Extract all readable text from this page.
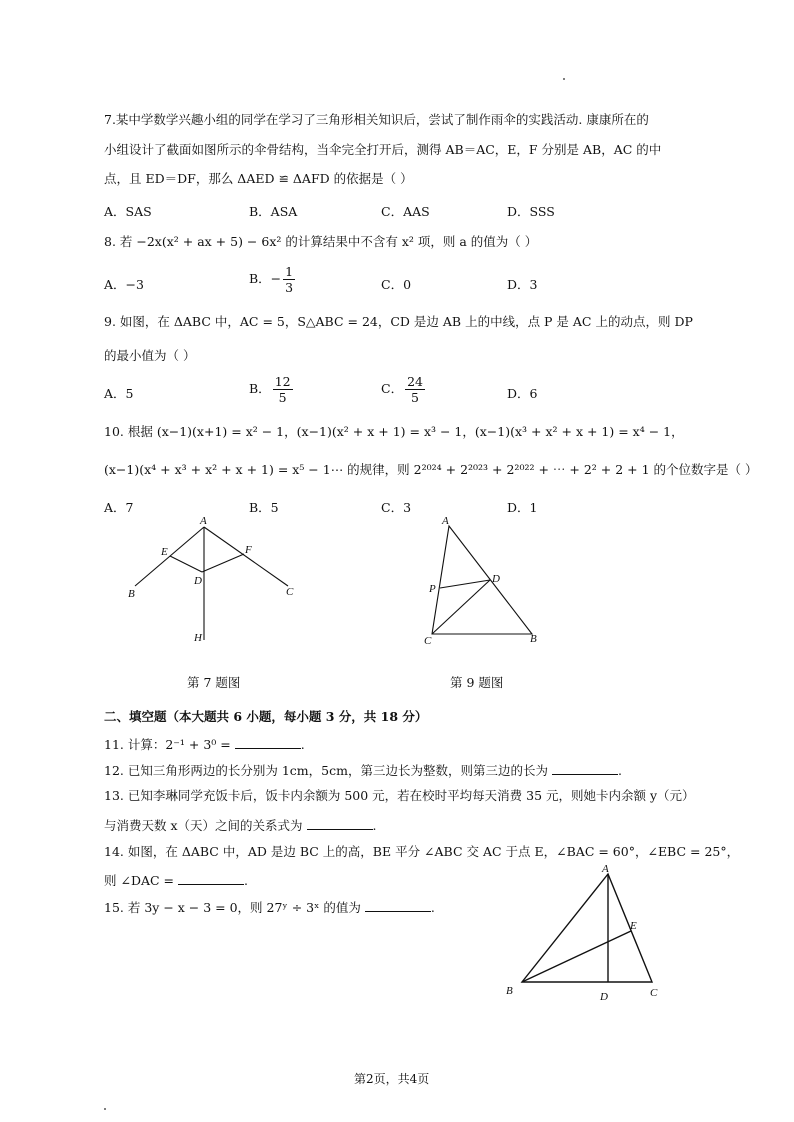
7.某中学数学兴趣小组的同学在学习了三角形相关知识后，尝试了制作雨伞的实践活动. 康康所在的
小组设计了截面如图所示的伞骨结构，当伞完全打开后，测得 AB＝AC，E，F 分别是 AB，AC 的中
点，且 ED＝DF，那么 ΔAED ≌ ΔAFD 的依据是（ ）
A．SAS	B．ASA	C．AAS	D．SSS
8. 若 −2x(x² + ax + 5) − 6x² 的计算结果中不含有 x² 项，则 a 的值为（ ）
A．−3	B．− $\frac{1}{3}$	C．0	D．3
9. 如图，在 ΔABC 中，AC = 5，S△ABC = 24，CD 是边 AB 上的中线，点 P 是 AC 上的动点，则 DP
的最小值为（ ）
A．5	B． $\frac{12}{5}$	C． $\frac{24}{5}$	D．6
10. 根据 (x−1)(x+1) = x² − 1，(x−1)(x² + x + 1) = x³ − 1，(x−1)(x³ + x² + x + 1) = x⁴ − 1，
(x−1)(x⁴ + x³ + x² + x + 1) = x⁵ − 1⋯ 的规律，则 2²⁰²⁴ + 2²⁰²³ + 2²⁰²² + ⋯ + 2² + 2 + 1 的个位数字是（ ）
A．7	B．5	C．3	D．1
A
E	F
D
B	C
H
第 7 题图
A
P
D
C	B
第 9 题图
二、填空题（本大题共 6 小题，每小题 3 分，共 18 分）
11. 计算：2⁻¹ + 3⁰ =	.
12. 已知三角形两边的长分别为 1cm，5cm，第三边长为整数，则第三边的长为	.
13. 已知李琳同学充饭卡后，饭卡内余额为 500 元，若在校时平均每天消费 35 元，则她卡内余额 y（元）
与消费天数 x（天）之间的关系式为	.
14. 如图，在 ΔABC 中，AD 是边 BC 上的高，BE 平分 ∠ABC 交 AC 于点 E，∠BAC = 60°，∠EBC = 25°，
则 ∠DAC =	.
15. 若 3y − x − 3 = 0，则 27ʸ ÷ 3ˣ 的值为	.
A
E
B	D	C
第2页，共4页
